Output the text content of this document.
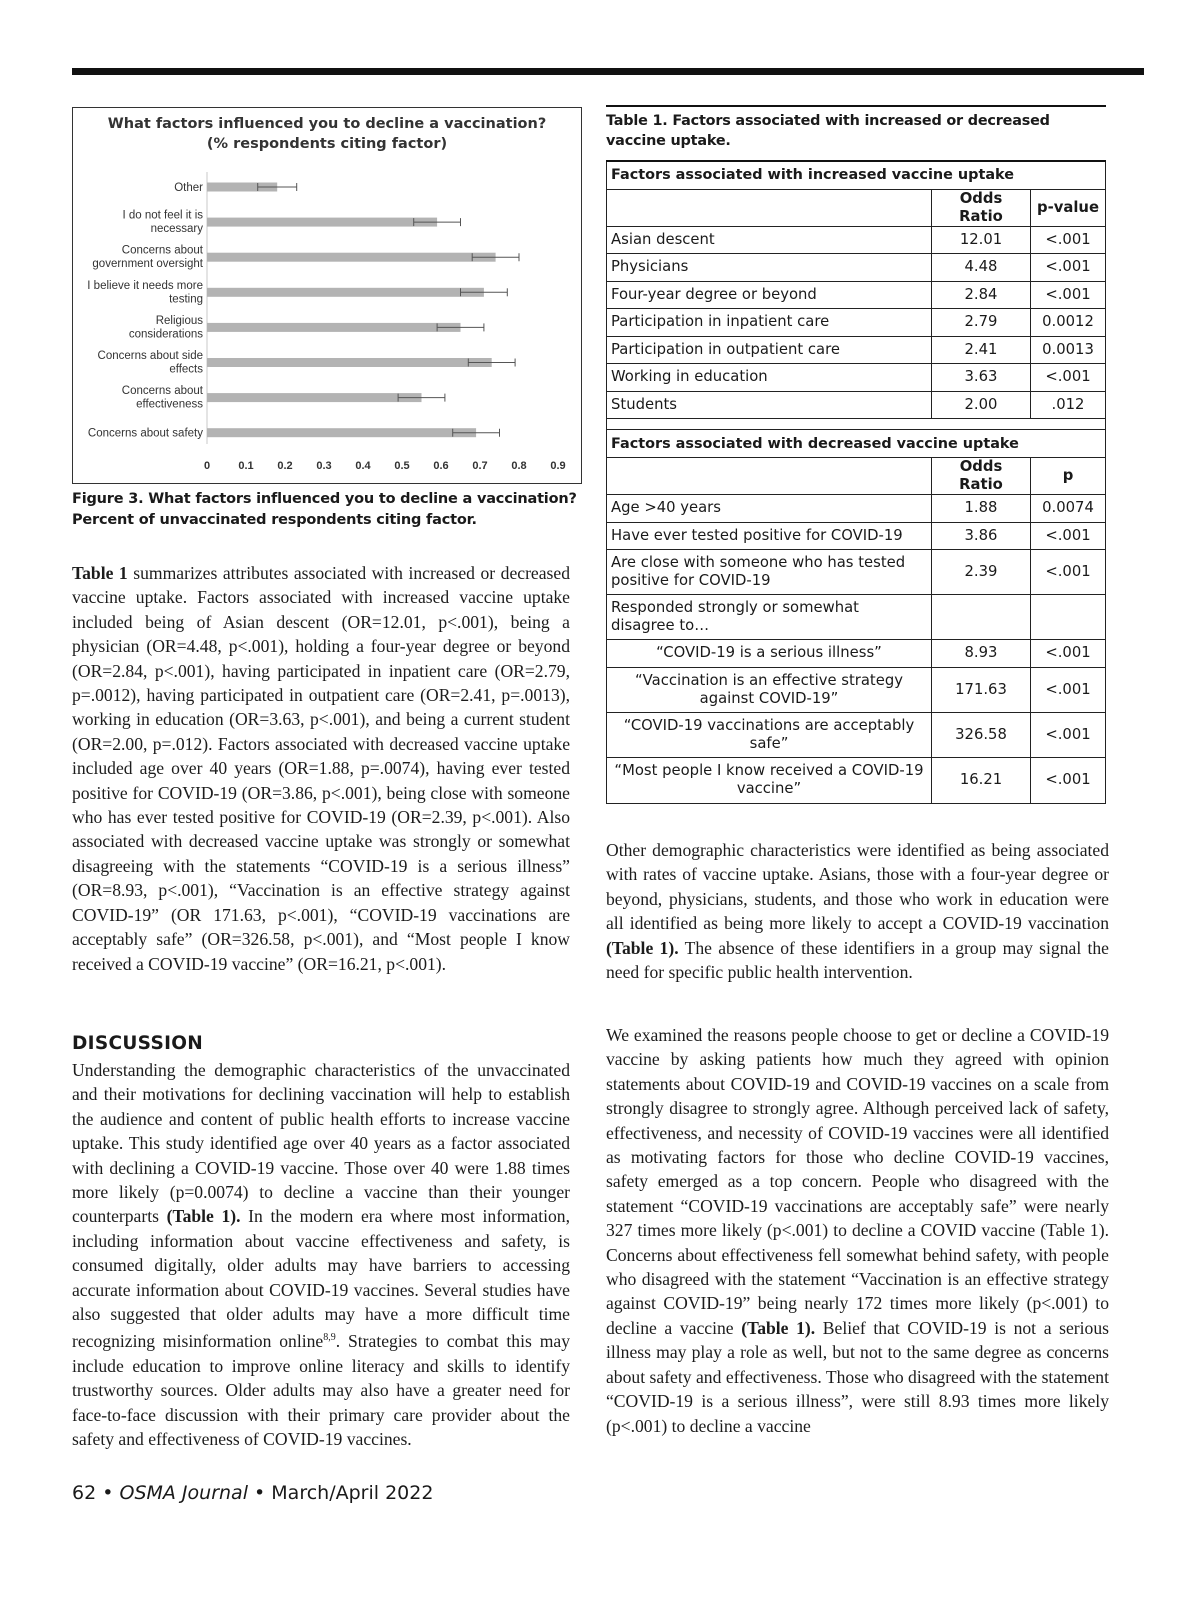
What factors influenced you to decline a vaccination?
(% respondents citing factor)
Other
I do not feel it is
necessary
Concerns about
government oversight
I believe it needs more
testing
Religious
considerations
Concerns about side
effects
Concerns about
effectiveness
Concerns about safety
0	0.1 0.2 0.3 0.4 0.5 0.6 0.7 0.8 0.9
Figure 3. What factors influenced you to decline a vaccination? Percent of unvaccinated respondents citing factor.

Table 1 summarizes attributes associated with increased or decreased vaccine uptake. Factors associated with increased vaccine uptake included being of Asian descent (OR=12.01, p<.001), being a physician (OR=4.48, p<.001), holding a four-year degree or beyond (OR=2.84, p<.001), having participated in inpatient care (OR=2.79, p=.0012), having participated in outpatient care (OR=2.41, p=.0013), working in education (OR=3.63, p<.001), and being a current student (OR=2.00, p=.012). Factors associated with decreased vaccine uptake included age over 40 years (OR=1.88, p=.0074), having ever tested positive for COVID-19 (OR=3.86, p<.001), being close with someone who has ever tested positive for COVID-19 (OR=2.39, p<.001). Also associated with decreased vaccine uptake was strongly or somewhat disagreeing with the statements “COVID-19 is a serious illness” (OR=8.93, p<.001), “Vaccination is an effective strategy against COVID-19” (OR 171.63, p<.001), “COVID-19 vaccinations are acceptably safe” (OR=326.58, p<.001), and “Most people I know received a COVID-19 vaccine” (OR=16.21, p<.001).

DISCUSSION

Understanding the demographic characteristics of the unvaccinated and their motivations for declining vaccination will help to establish the audience and content of public health efforts to increase vaccine uptake. This study identified age over 40 years as a factor associated with declining a COVID-19 vaccine. Those over 40 were 1.88 times more likely (p=0.0074) to decline a vaccine than their younger counterparts (Table 1). In the modern era where most information, including information about vaccine effectiveness and safety, is consumed digitally, older adults may have barriers to accessing accurate information about COVID-19 vaccines. Several studies have also suggested that older adults may have a more difficult time recognizing misinformation online$^{8,9}$. Strategies to combat this may include education to improve online literacy and skills to identify trustworthy sources. Older adults may also have a greater need for face-to-face discussion with their primary care provider about the safety and effectiveness of COVID-19 vaccines.

Table 1. Factors associated with increased or decreased vaccine uptake.
Factors associated with increased vaccine uptake		
	Odds Ratio	p-value
Asian descent	12.01	<.001
Physicians	4.48	<.001
Four-year degree or beyond	2.84	<.001
Participation in inpatient care	2.79	0.0012
Participation in outpatient care	2.41	0.0013
Working in education	3.63	<.001
Students	2.00	.012

Factors associated with decreased vaccine uptake		
	Odds Ratio	p
Age >40 years	1.88	0.0074
Have ever tested positive for COVID-19	3.86	<.001
Are close with someone who has tested positive for COVID-19	2.39	<.001
Responded strongly or somewhat disagree to…		
“COVID-19 is a serious illness”	8.93	<.001
“Vaccination is an effective strategy against COVID-19”	171.63	<.001
“COVID-19 vaccinations are acceptably safe”	326.58	<.001
“Most people I know received a COVID-19 vaccine”	16.21	<.001

Other demographic characteristics were identified as being associated with rates of vaccine uptake. Asians, those with a four-year degree or beyond, physicians, students, and those who work in education were all identified as being more likely to accept a COVID-19 vaccination (Table 1). The absence of these identifiers in a group may signal the need for specific public health intervention.

We examined the reasons people choose to get or decline a COVID-19 vaccine by asking patients how much they agreed with opinion statements about COVID-19 and COVID-19 vaccines on a scale from strongly disagree to strongly agree. Although perceived lack of safety, effectiveness, and necessity of COVID-19 vaccines were all identified as motivating factors for those who decline COVID-19 vaccines, safety emerged as a top concern. People who disagreed with the statement “COVID-19 vaccinations are acceptably safe” were nearly 327 times more likely (p<.001) to decline a COVID vaccine (Table 1). Concerns about effectiveness fell somewhat behind safety, with people who disagreed with the statement “Vaccination is an effective strategy against COVID-19” being nearly 172 times more likely (p<.001) to decline a vaccine (Table 1). Belief that COVID-19 is not a serious illness may play a role as well, but not to the same degree as concerns about safety and effectiveness. Those who disagreed with the statement “COVID-19 is a serious illness”, were still 8.93 times more likely (p<.001) to decline a vaccine

62 • OSMA Journal • March/April 2022
